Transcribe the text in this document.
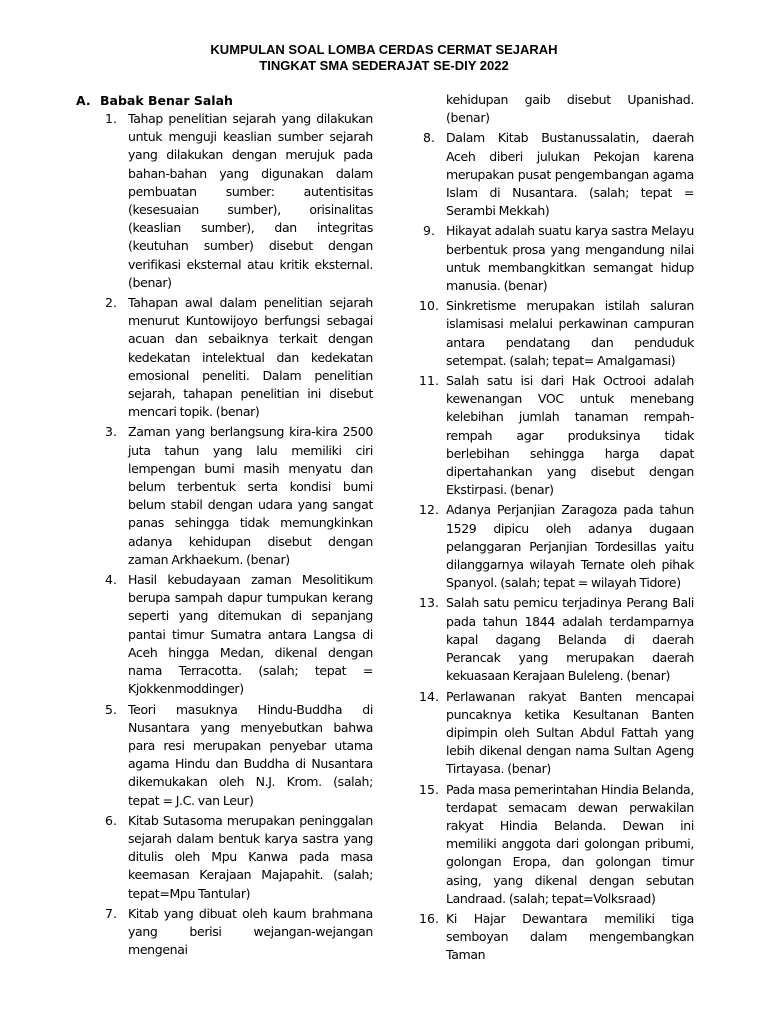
KUMPULAN SOAL LOMBA CERDAS CERMAT SEJARAH
TINGKAT SMA SEDERAJAT SE-DIY 2022
A. Babak Benar Salah
1. Tahap penelitian sejarah yang dilakukan untuk menguji keaslian sumber sejarah yang dilakukan dengan merujuk pada bahan-bahan yang digunakan dalam pembuatan sumber: autentisitas (kesesuaian sumber), orisinalitas (keaslian sumber), dan integritas (keutuhan sumber) disebut dengan verifikasi eksternal atau kritik eksternal. (benar)

2. Tahapan awal dalam penelitian sejarah menurut Kuntowijoyo berfungsi sebagai acuan dan sebaiknya terkait dengan kedekatan intelektual dan kedekatan emosional peneliti. Dalam penelitian sejarah, tahapan penelitian ini disebut mencari topik. (benar)

3. Zaman yang berlangsung kira-kira 2500 juta tahun yang lalu memiliki ciri lempengan bumi masih menyatu dan belum terbentuk serta kondisi bumi belum stabil dengan udara yang sangat panas sehingga tidak memungkinkan adanya kehidupan disebut dengan zaman Arkhaekum. (benar)

4. Hasil kebudayaan zaman Mesolitikum berupa sampah dapur tumpukan kerang seperti yang ditemukan di sepanjang pantai timur Sumatra antara Langsa di Aceh hingga Medan, dikenal dengan nama Terracotta. (salah; tepat = Kjokkenmoddinger)

5. Teori masuknya Hindu-Buddha di Nusantara yang menyebutkan bahwa para resi merupakan penyebar utama agama Hindu dan Buddha di Nusantara dikemukakan oleh N.J. Krom. (salah; tepat = J.C. van Leur)

6. Kitab Sutasoma merupakan peninggalan sejarah dalam bentuk karya sastra yang ditulis oleh Mpu Kanwa pada masa keemasan Kerajaan Majapahit. (salah; tepat=Mpu Tantular)

7. Kitab yang dibuat oleh kaum brahmana yang berisi wejangan-wejangan mengenai

kehidupan gaib disebut Upanishad. (benar)

8. Dalam Kitab Bustanussalatin, daerah Aceh diberi julukan Pekojan karena merupakan pusat pengembangan agama Islam di Nusantara. (salah; tepat = Serambi Mekkah)

9. Hikayat adalah suatu karya sastra Melayu berbentuk prosa yang mengandung nilai untuk membangkitkan semangat hidup manusia. (benar)

10. Sinkretisme merupakan istilah saluran islamisasi melalui perkawinan campuran antara pendatang dan penduduk setempat. (salah; tepat= Amalgamasi)

11. Salah satu isi dari Hak Octrooi adalah kewenangan VOC untuk menebang kelebihan jumlah tanaman rempah-rempah agar produksinya tidak berlebihan sehingga harga dapat dipertahankan yang disebut dengan Ekstirpasi. (benar)

12. Adanya Perjanjian Zaragoza pada tahun 1529 dipicu oleh adanya dugaan pelanggaran Perjanjian Tordesillas yaitu dilanggarnya wilayah Ternate oleh pihak Spanyol. (salah; tepat = wilayah Tidore)

13. Salah satu pemicu terjadinya Perang Bali pada tahun 1844 adalah terdamparnya kapal dagang Belanda di daerah Perancak yang merupakan daerah kekuasaan Kerajaan Buleleng. (benar)

14. Perlawanan rakyat Banten mencapai puncaknya ketika Kesultanan Banten dipimpin oleh Sultan Abdul Fattah yang lebih dikenal dengan nama Sultan Ageng Tirtayasa. (benar)

15. Pada masa pemerintahan Hindia Belanda, terdapat semacam dewan perwakilan rakyat Hindia Belanda. Dewan ini memiliki anggota dari golongan pribumi, golongan Eropa, dan golongan timur asing, yang dikenal dengan sebutan Landraad. (salah; tepat=Volksraad)

16. Ki Hajar Dewantara memiliki tiga semboyan dalam mengembangkan Taman
